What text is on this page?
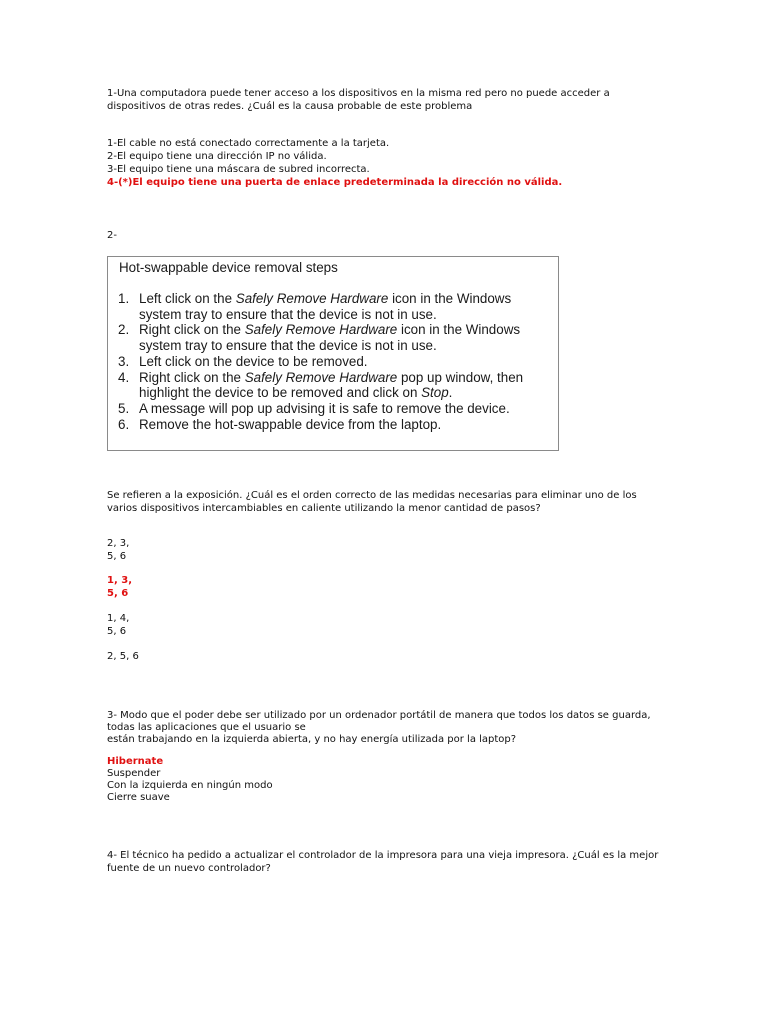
1-Una computadora puede tener acceso a los dispositivos en la misma red pero no puede acceder a dispositivos de otras redes. ¿Cuál es la causa probable de este problema

1-El cable no está conectado correctamente a la tarjeta.

2-El equipo tiene una dirección IP no válida.

3-El equipo tiene una máscara de subred incorrecta.

4-(*)El equipo tiene una puerta de enlace predeterminada la dirección no válida.

2-

Hot-swappable device removal steps
1. Left click on the Safely Remove Hardware icon in the Windows system tray to ensure that the device is not in use.
2. Right click on the Safely Remove Hardware icon in the Windows system tray to ensure that the device is not in use.
3. Left click on the device to be removed.
4. Right click on the Safely Remove Hardware pop up window, then highlight the device to be removed and click on Stop.
5. A message will pop up advising it is safe to remove the device.
6. Remove the hot-swappable device from the laptop.

Se refieren a la exposición. ¿Cuál es el orden correcto de las medidas necesarias para eliminar uno de los varios dispositivos intercambiables en caliente utilizando la menor cantidad de pasos?

2, 3,

5, 6

1, 3,

5, 6

1, 4,

5, 6

2, 5, 6

3- Modo que el poder debe ser utilizado por un ordenador portátil de manera que todos los datos se guarda,

todas las aplicaciones que el usuario se

están trabajando en la izquierda abierta, y no hay energía utilizada por la laptop?

Hibernate

Suspender

Con la izquierda en ningún modo

Cierre suave

4- El técnico ha pedido a actualizar el controlador de la impresora para una vieja impresora. ¿Cuál es la mejor fuente de un nuevo controlador?
